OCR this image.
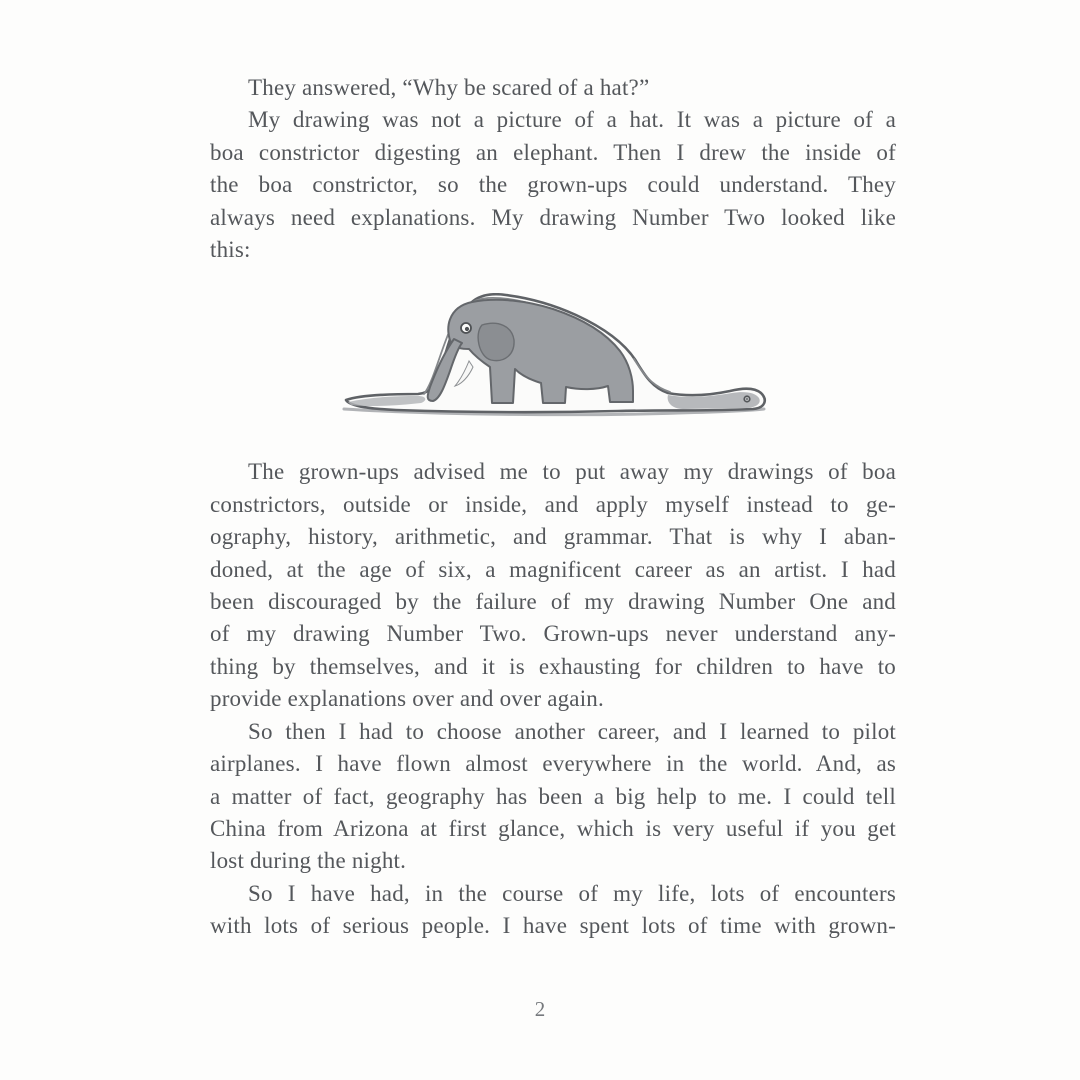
They answered, “Why be scared of a hat?”
My drawing was not a picture of a hat. It was a picture of a
boa constrictor digesting an elephant. Then I drew the inside of
the boa constrictor, so the grown-ups could understand. They
always need explanations. My drawing Number Two looked like
this:
The grown-ups advised me to put away my drawings of boa
constrictors, outside or inside, and apply myself instead to ge-
ography, history, arithmetic, and grammar. That is why I aban-
doned, at the age of six, a magnificent career as an artist. I had
been discouraged by the failure of my drawing Number One and
of my drawing Number Two. Grown-ups never understand any-
thing by themselves, and it is exhausting for children to have to
provide explanations over and over again.
So then I had to choose another career, and I learned to pilot
airplanes. I have flown almost everywhere in the world. And, as
a matter of fact, geography has been a big help to me. I could tell
China from Arizona at first glance, which is very useful if you get
lost during the night.
So I have had, in the course of my life, lots of encounters
with lots of serious people. I have spent lots of time with grown-
2
